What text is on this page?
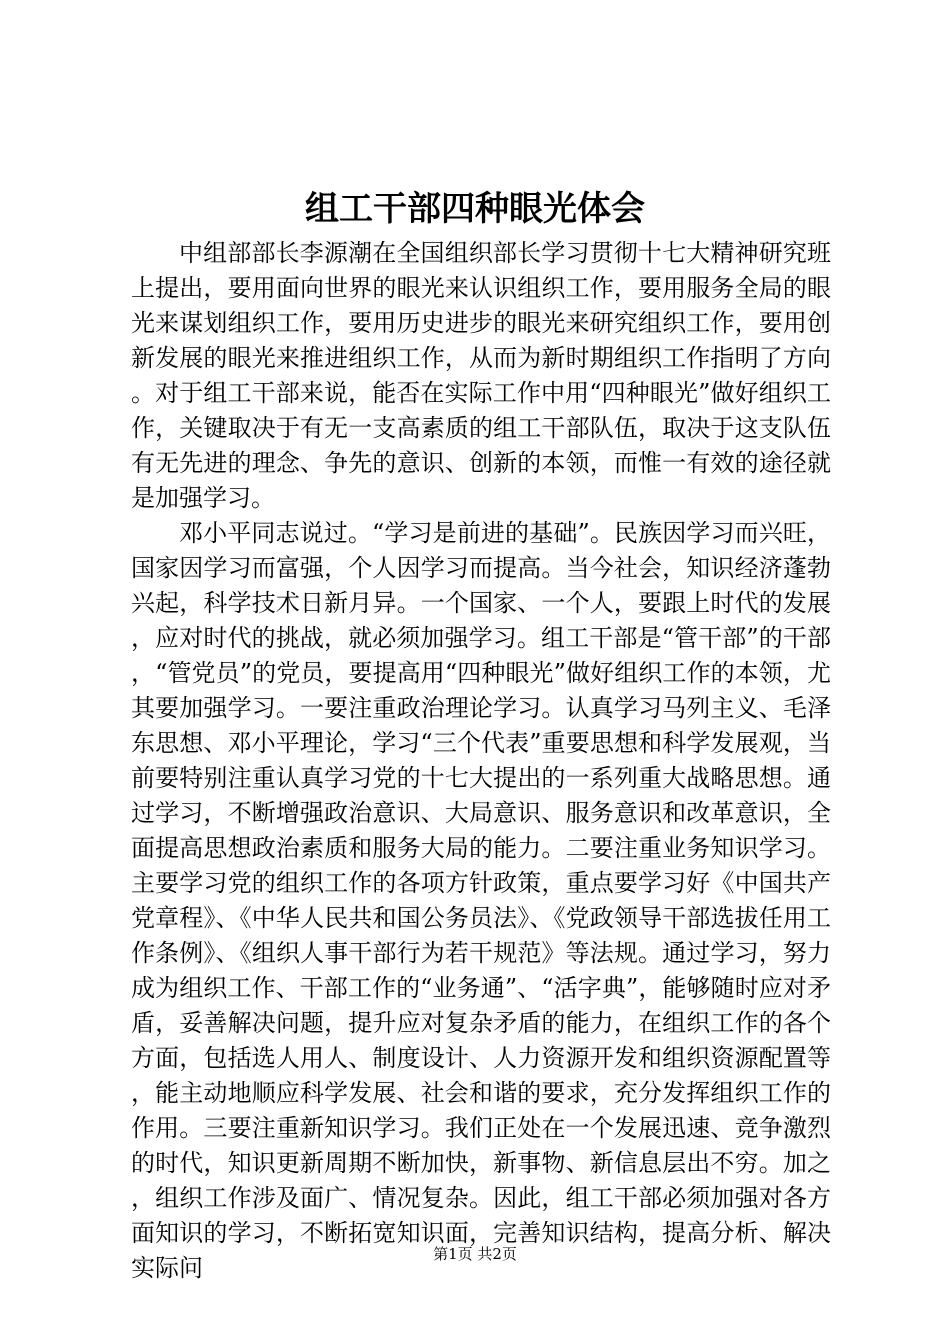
组工干部四种眼光体会

中组部部长李源潮在全国组织部长学习贯彻十七大精神研究班上提出，要用面向世界的眼光来认识组织工作，要用服务全局的眼光来谋划组织工作，要用历史进步的眼光来研究组织工作，要用创新发展的眼光来推进组织工作，从而为新时期组织工作指明了方向。对于组工干部来说，能否在实际工作中用“四种眼光”做好组织工作，关键取决于有无一支高素质的组工干部队伍，取决于这支队伍有无先进的理念、争先的意识、创新的本领，而惟一有效的途径就是加强学习。

邓小平同志说过。“学习是前进的基础”。民族因学习而兴旺，国家因学习而富强，个人因学习而提高。当今社会，知识经济蓬勃兴起，科学技术日新月异。一个国家、一个人，要跟上时代的发展，应对时代的挑战，就必须加强学习。组工干部是“管干部”的干部，“管党员”的党员，要提高用“四种眼光”做好组织工作的本领，尤其要加强学习。一要注重政治理论学习。认真学习马列主义、毛泽东思想、邓小平理论，学习“三个代表”重要思想和科学发展观，当前要特别注重认真学习党的十七大提出的一系列重大战略思想。通过学习，不断增强政治意识、大局意识、服务意识和改革意识，全面提高思想政治素质和服务大局的能力。二要注重业务知识学习。主要学习党的组织工作的各项方针政策，重点要学习好《中国共产党章程》、《中华人民共和国公务员法》、《党政领导干部选拔任用工作条例》、《组织人事干部行为若干规范》等法规。通过学习，努力成为组织工作、干部工作的“业务通”、“活字典”，能够随时应对矛盾，妥善解决问题，提升应对复杂矛盾的能力，在组织工作的各个方面，包括选人用人、制度设计、人力资源开发和组织资源配置等，能主动地顺应科学发展、社会和谐的要求，充分发挥组织工作的作用。三要注重新知识学习。我们正处在一个发展迅速、竞争激烈的时代，知识更新周期不断加快，新事物、新信息层出不穷。加之，组织工作涉及面广、情况复杂。因此，组工干部必须加强对各方面知识的学习，不断拓宽知识面，完善知识结构，提高分析、解决实际问	第1页 共2页
